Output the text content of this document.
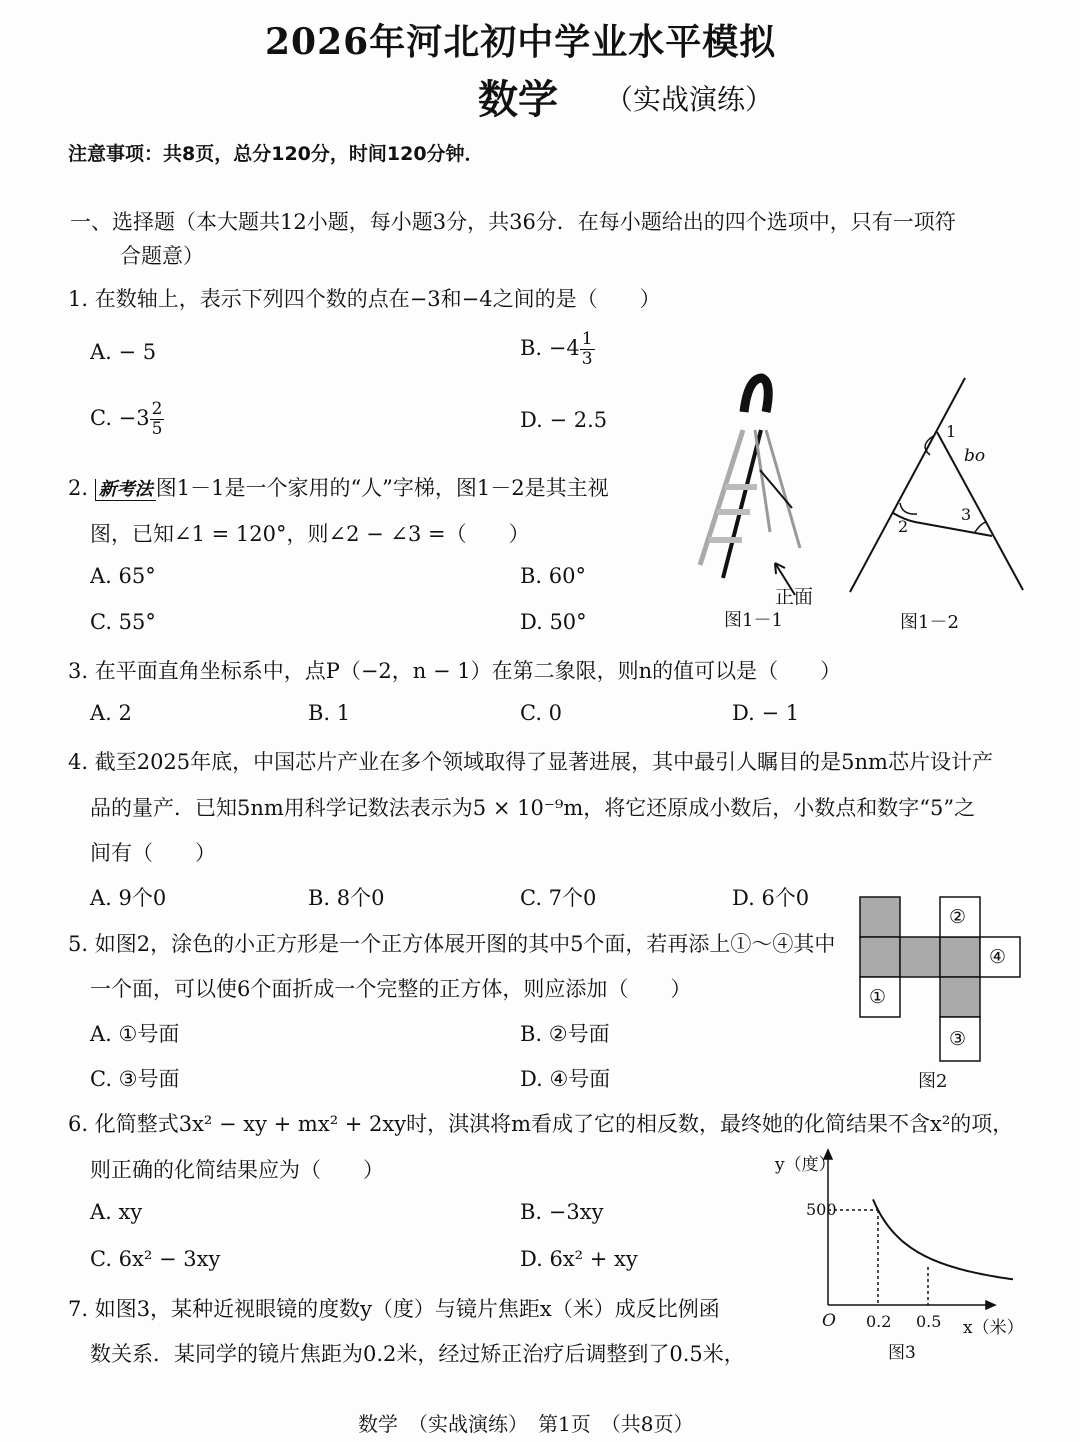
2026年河北初中学业水平模拟
数学 （实战演练）
注意事项：共8页，总分120分，时间120分钟．
一、选择题（本大题共12小题，每小题3分，共36分．在每小题给出的四个选项中，只有一项符
合题意）
1. 在数轴上，表示下列四个数的点在−3和−4之间的是（　　）
A. − 5	B. $-4 \frac{1}{3}$
C. $-3 \frac{2}{5}$	D. − 2.5
2. 新考法 图1－1是一个家用的“人”字梯，图1－2是其主视
图，已知∠1 = 120°，则∠2 − ∠3 =（　　）
A. 65°	B. 60°
C. 55°	D. 50°
3. 在平面直角坐标系中，点P（−2，n − 1）在第二象限，则n的值可以是（　　）
A. 2	B. 1	C. 0	D. − 1
4. 截至2025年底，中国芯片产业在多个领域取得了显著进展，其中最引人瞩目的是5nm芯片设计产
品的量产．已知5nm用科学记数法表示为5 × 10⁻⁹m，将它还原成小数后，小数点和数字“5”之
间有（　　）
A. 9个0	B. 8个0	C. 7个0	D. 6个0
5. 如图2，涂色的小正方形是一个正方体展开图的其中5个面，若再添上①～④其中
一个面，可以使6个面折成一个完整的正方体，则应添加（　　）
A. ①号面	B. ②号面
C. ③号面	D. ④号面
6. 化简整式3x² − xy + mx² + 2xy时，淇淇将m看成了它的相反数，最终她的化简结果不含x²的项，
则正确的化简结果应为（　　）
A. xy	B. −3xy
C. 6x² − 3xy	D. 6x² + xy
7. 如图3，某种近视眼镜的度数y（度）与镜片焦距x（米）成反比例函
数关系．某同学的镜片焦距为0.2米，经过矫正治疗后调整到了0.5米，
数学　（实战演练）　第1页　（共8页）
正面
图1－1	图1－2
1
2
3
bo
②
④
①
③
图2
y（度）
500
O 0.2 0.5 x（米）
图3
